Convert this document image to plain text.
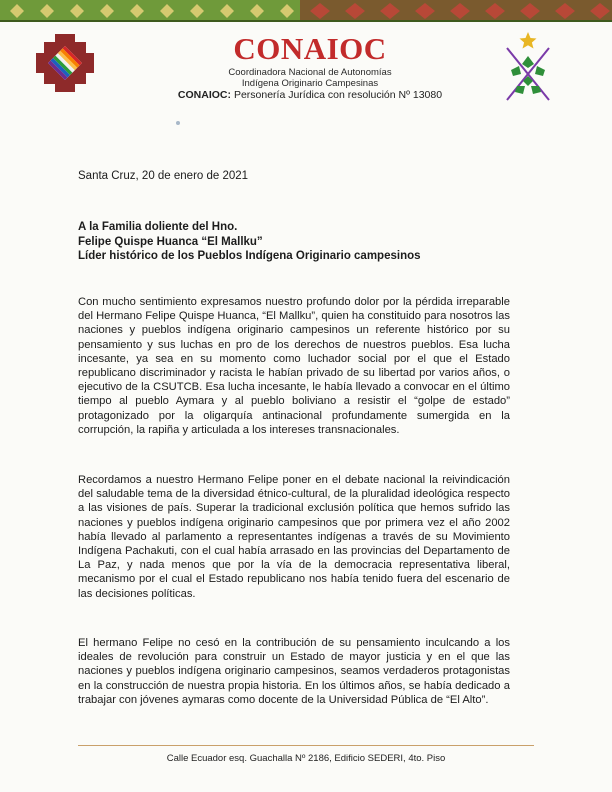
CONAIOC
Coordinadora Nacional de Autonomías
Indígena Originario Campesinas
CONAIOC: Personería Jurídica con resolución Nº 13080
Santa Cruz, 20 de enero de 2021
A la Familia doliente del Hno.
Felipe Quispe Huanca “El Mallku”
Líder histórico de los Pueblos Indígena Originario campesinos
Con mucho sentimiento expresamos nuestro profundo dolor por la pérdida irreparable del Hermano Felipe Quispe Huanca, “El Mallku”, quien ha constituido para nosotros las naciones y pueblos indígena originario campesinos un referente histórico por su pensamiento y sus luchas en pro de los derechos de nuestros pueblos. Esa lucha incesante, ya sea en su momento como luchador social por el que el Estado republicano discriminador y racista le habían privado de su libertad por varios años, o ejecutivo de la CSUTCB. Esa lucha incesante, le había llevado a convocar en el último tiempo al pueblo Aymara y al pueblo boliviano a resistir el “golpe de estado” protagonizado por la oligarquía antinacional profundamente sumergida en la corrupción, la rapiña y articulada a los intereses transnacionales.
Recordamos a nuestro Hermano Felipe poner en el debate nacional la reivindicación del saludable tema de la diversidad étnico-cultural, de la pluralidad ideológica respecto a las visiones de país. Superar la tradicional exclusión política que hemos sufrido las naciones y pueblos indígena originario campesinos que por primera vez el año 2002 había llevado al parlamento a representantes indígenas a través de su Movimiento Indígena Pachakuti, con el cual había arrasado en las provincias del Departamento de La Paz, y nada menos que por la vía de la democracia representativa liberal, mecanismo por el cual el Estado republicano nos había tenido fuera del escenario de las decisiones políticas.
El hermano Felipe no cesó en la contribución de su pensamiento inculcando a los ideales de revolución para construir un Estado de mayor justicia y en el que las naciones y pueblos indígena originario campesinos, seamos verdaderos protagonistas en la construcción de nuestra propia historia. En los últimos años, se había dedicado a trabajar con jóvenes aymaras como docente de la Universidad Pública de “El Alto”.
Calle Ecuador esq. Guachalla Nº 2186, Edificio SEDERI, 4to. Piso
